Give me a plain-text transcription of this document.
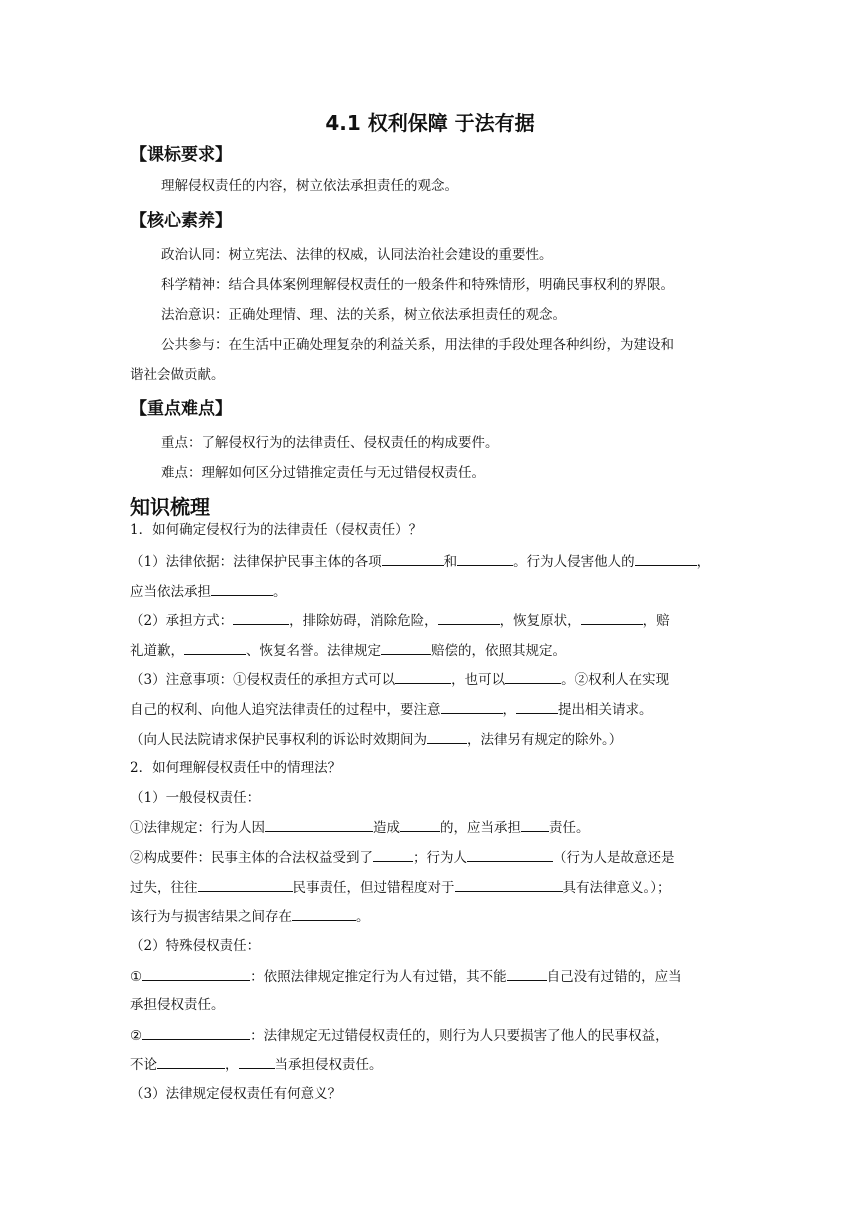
4.1 权利保障 于法有据
【课标要求】
理解侵权责任的内容，树立依法承担责任的观念。
【核心素养】
政治认同：树立宪法、法律的权威，认同法治社会建设的重要性。
科学精神：结合具体案例理解侵权责任的一般条件和特殊情形，明确民事权利的界限。
法治意识：正确处理情、理、法的关系，树立依法承担责任的观念。
公共参与：在生活中正确处理复杂的利益关系，用法律的手段处理各种纠纷，为建设和
谐社会做贡献。
【重点难点】
重点：了解侵权行为的法律责任、侵权责任的构成要件。
难点：理解如何区分过错推定责任与无过错侵权责任。
知识梳理
1．如何确定侵权行为的法律责任（侵权责任）？
（1）法律依据：法律保护民事主体的各项	和	。行为人侵害他人的	，
应当依法承担	。
（2）承担方式：	，排除妨碍，消除危险，	，恢复原状，	，赔
礼道歉，	、恢复名誉。法律规定	赔偿的，依照其规定。
（3）注意事项：①侵权责任的承担方式可以	，也可以	。②权利人在实现
自己的权利、向他人追究法律责任的过程中，要注意	，	提出相关请求。
（向人民法院请求保护民事权利的诉讼时效期间为	，法律另有规定的除外。）
2．如何理解侵权责任中的情理法？
（1）一般侵权责任：
①法律规定：行为人因	造成	的，应当承担 责任。
②构成要件：民事主体的合法权益受到了	；行为人	（行为人是故意还是
过失，往往	民事责任，但过错程度对于	具有法律意义。）；
该行为与损害结果之间存在	。
（2）特殊侵权责任：
①	：依照法律规定推定行为人有过错，其不能	自己没有过错的，应当
承担侵权责任。
②	：法律规定无过错侵权责任的，则行为人只要损害了他人的民事权益，
不论	，	当承担侵权责任。
（3）法律规定侵权责任有何意义？
